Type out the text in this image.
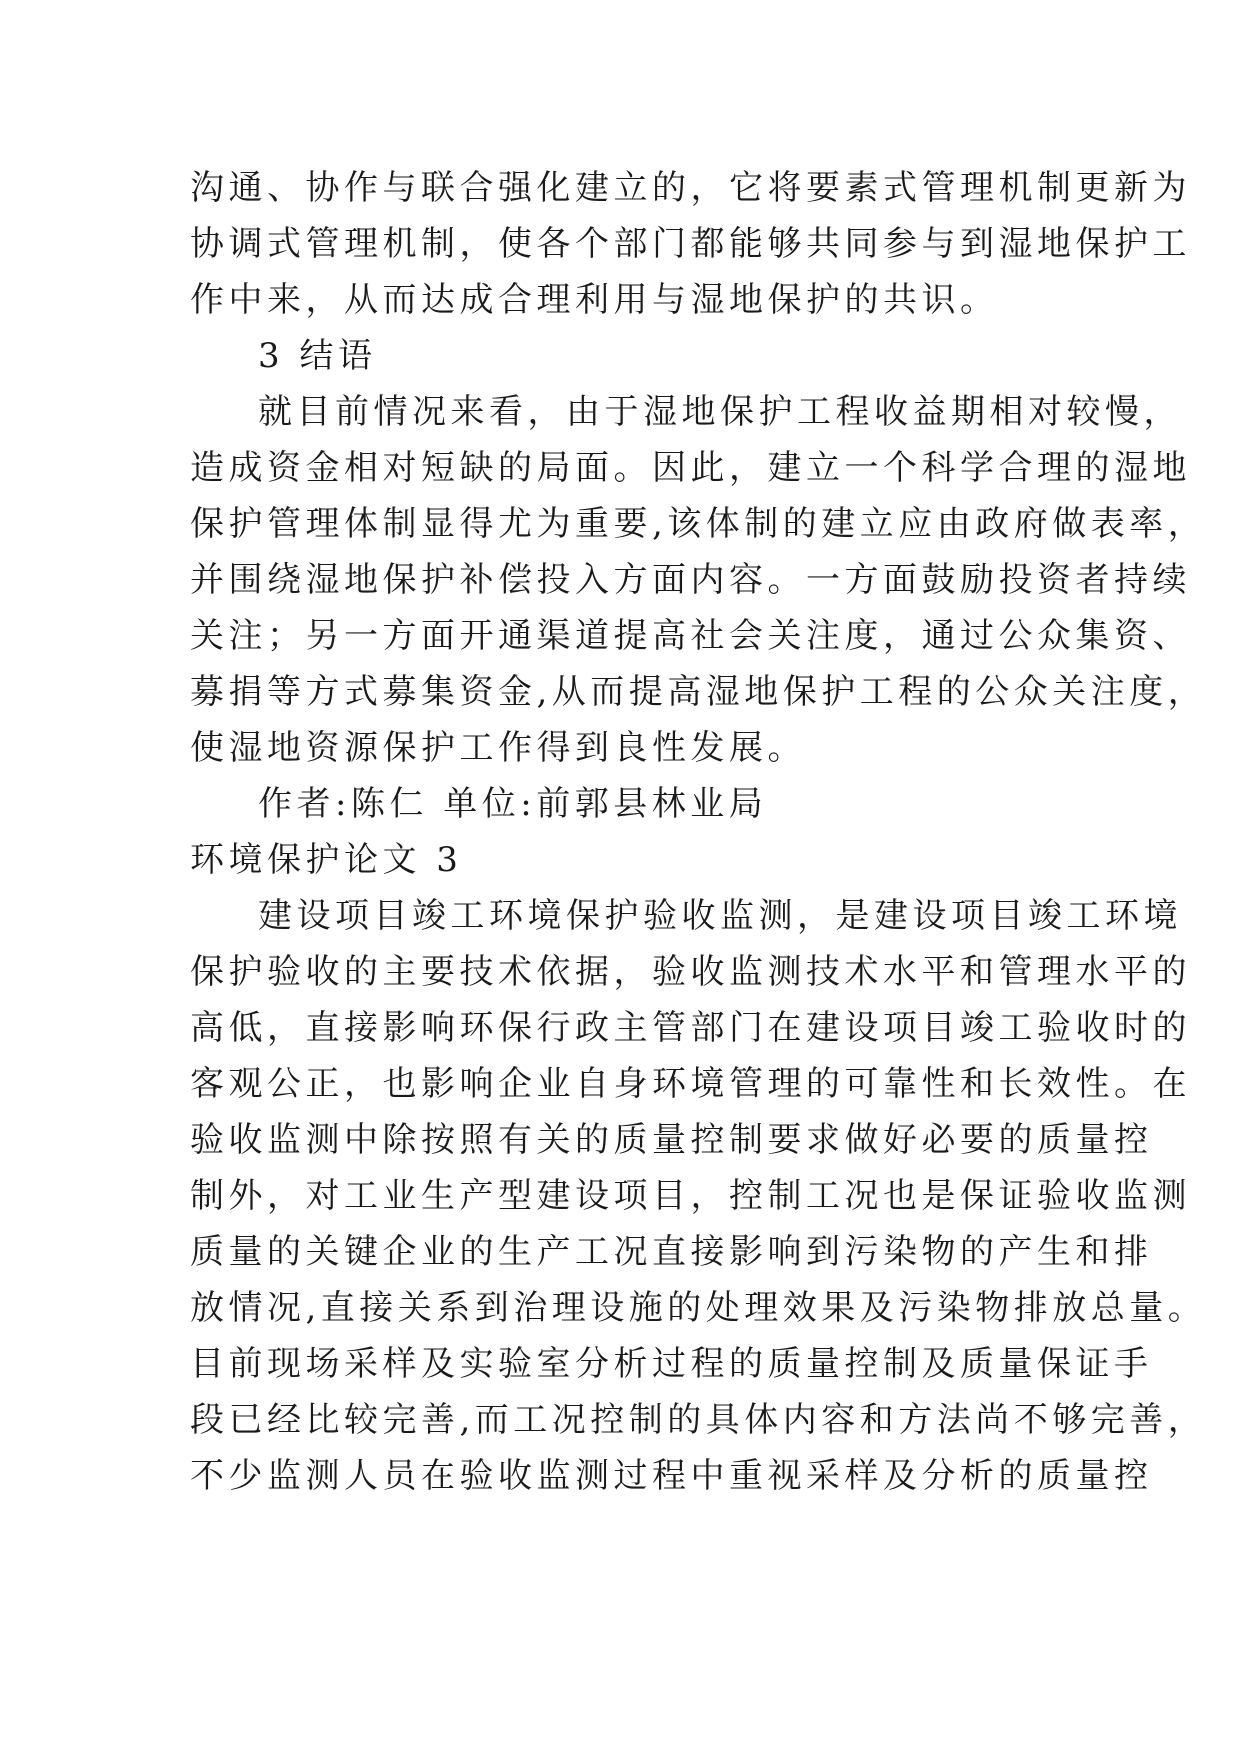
沟通、协作与联合强化建立的，它将要素式管理机制更新为
协调式管理机制，使各个部门都能够共同参与到湿地保护工
作中来，从而达成合理利用与湿地保护的共识。
3 结语
就目前情况来看，由于湿地保护工程收益期相对较慢，
造成资金相对短缺的局面。因此，建立一个科学合理的湿地
保护管理体制显得尤为重要,该体制的建立应由政府做表率，
并围绕湿地保护补偿投入方面内容。一方面鼓励投资者持续
关注；另一方面开通渠道提高社会关注度，通过公众集资、
募捐等方式募集资金,从而提高湿地保护工程的公众关注度，
使湿地资源保护工作得到良性发展。
作者:陈仁 单位:前郭县林业局
环境保护论文 3
建设项目竣工环境保护验收监测，是建设项目竣工环境
保护验收的主要技术依据，验收监测技术水平和管理水平的
高低，直接影响环保行政主管部门在建设项目竣工验收时的
客观公正，也影响企业自身环境管理的可靠性和长效性。在
验收监测中除按照有关的质量控制要求做好必要的质量控
制外，对工业生产型建设项目，控制工况也是保证验收监测
质量的关键企业的生产工况直接影响到污染物的产生和排
放情况,直接关系到治理设施的处理效果及污染物排放总量。
目前现场采样及实验室分析过程的质量控制及质量保证手
段已经比较完善,而工况控制的具体内容和方法尚不够完善，
不少监测人员在验收监测过程中重视采样及分析的质量控
